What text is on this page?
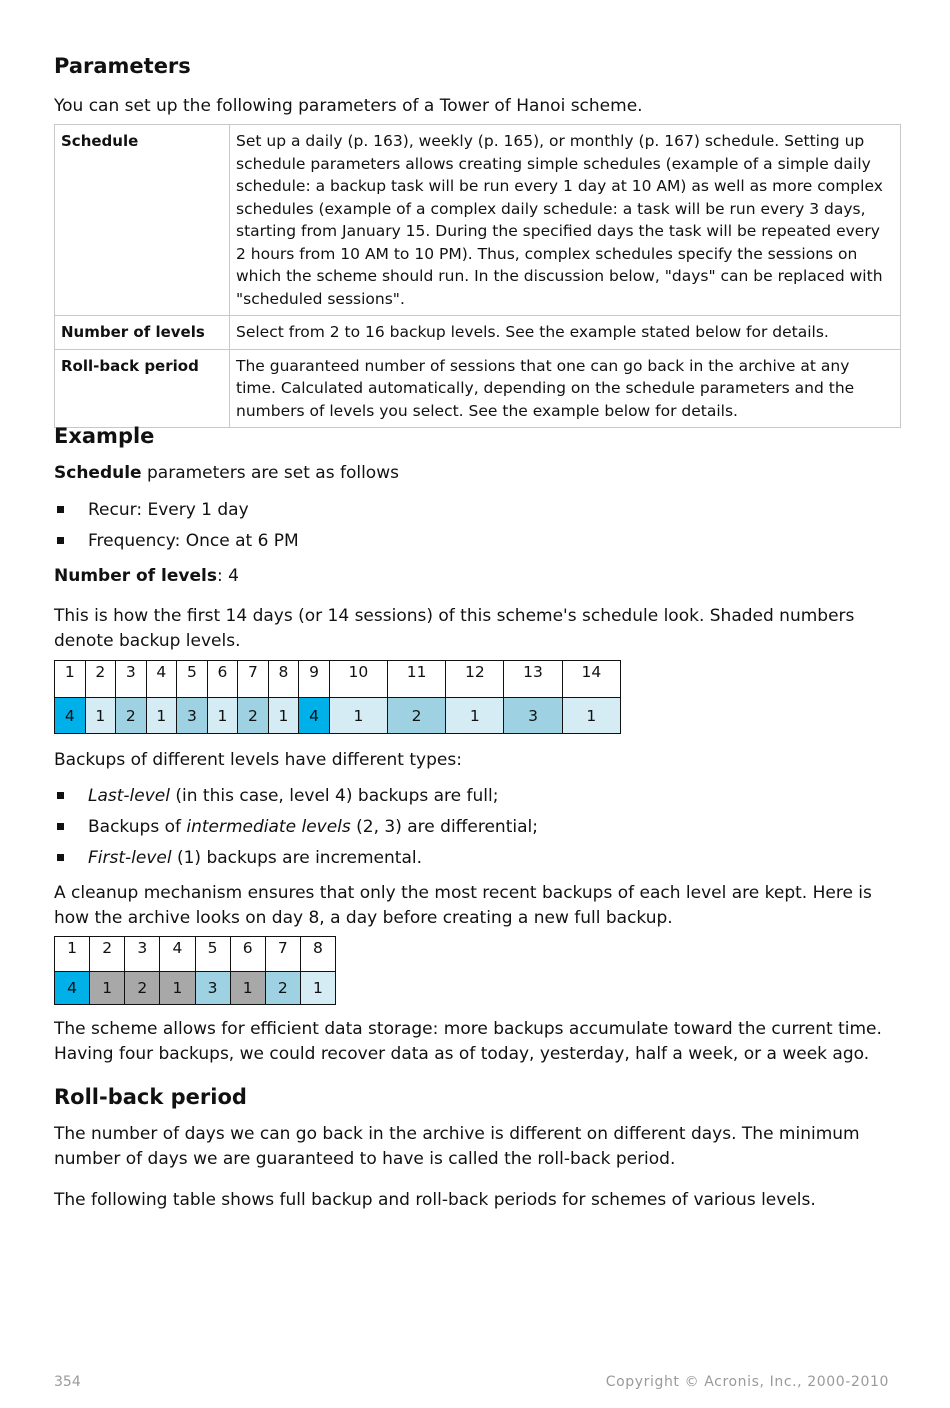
Parameters

You can set up the following parameters of a Tower of Hanoi scheme.

Schedule	Set up a daily (p. 163), weekly (p. 165), or monthly (p. 167) schedule. Setting up schedule parameters allows creating simple schedules (example of a simple daily schedule: a backup task will be run every 1 day at 10 AM) as well as more complex schedules (example of a complex daily schedule: a task will be run every 3 days, starting from January 15. During the specified days the task will be repeated every 2 hours from 10 AM to 10 PM). Thus, complex schedules specify the sessions on which the scheme should run. In the discussion below, "days" can be replaced with "scheduled sessions".
Number of levels	Select from 2 to 16 backup levels. See the example stated below for details.
Roll-back period	The guaranteed number of sessions that one can go back in the archive at any time. Calculated automatically, depending on the schedule parameters and the numbers of levels you select. See the example below for details.
Example

Schedule parameters are set as follows

Recur: Every 1 day
Frequency: Once at 6 PM

Number of levels: 4

This is how the first 14 days (or 14 sessions) of this scheme's schedule look. Shaded numbers denote backup levels.

1	2	3	4	5	6	7	8	9	10	11	12	13	14
4	1	2	1	3	1	2	1	4	1	2	1	3	1

Backups of different levels have different types:

Last-level (in this case, level 4) backups are full;
Backups of intermediate levels (2, 3) are differential;
First-level (1) backups are incremental.

A cleanup mechanism ensures that only the most recent backups of each level are kept. Here is how the archive looks on day 8, a day before creating a new full backup.

1	2	3	4	5	6	7	8
4	1	2	1	3	1	2	1

The scheme allows for efficient data storage: more backups accumulate toward the current time. Having four backups, we could recover data as of today, yesterday, half a week, or a week ago.

Roll-back period

The number of days we can go back in the archive is different on different days. The minimum number of days we are guaranteed to have is called the roll-back period.

The following table shows full backup and roll-back periods for schemes of various levels.

354	Copyright © Acronis, Inc., 2000-2010
